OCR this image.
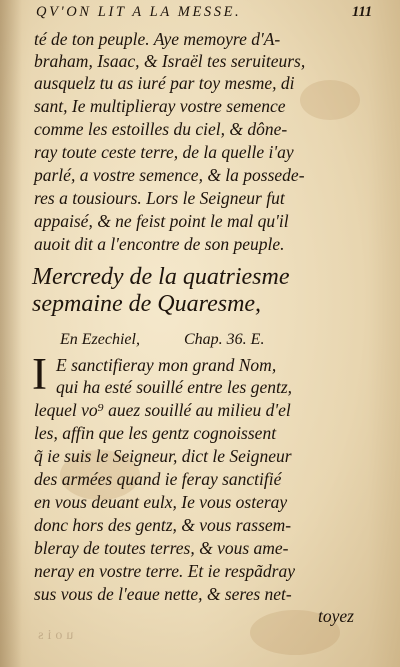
QV'ON LIT A LA MESSE.	111
té de ton peuple. Aye memoyre d'A-
braham, Isaac, & Israël tes seruiteurs,
ausquelz tu as iuré par toy mesme, di
sant, Ie multiplieray vostre semence
comme les estoilles du ciel, & dône-
ray toute ceste terre, de la quelle i'ay
parlé, a vostre semence, & la possede-
res a tousiours. Lors le Seigneur fut
appaisé, & ne feist point le mal qu'il
auoit dit a l'encontre de son peuple.
Mercredy de la quatriesme
sepmaine de Quaresme,
En Ezechiel,	Chap. 36. E.
I E sanctifieray mon grand Nom,
qui ha esté souillé entre les gentz,
lequel vo⁹ auez souillé au milieu d'el
les, affin que les gentz cognoissent
q̃ ie suis le Seigneur, dict le Seigneur
des armées quand ie feray sanctifié
en vous deuant eulx, Ie vous osteray
donc hors des gentz, & vous rassem-
bleray de toutes terres, & vous ame-
neray en vostre terre. Et ie respãdray
sus vous de l'eaue nette, & seres net-
toyez
uois
